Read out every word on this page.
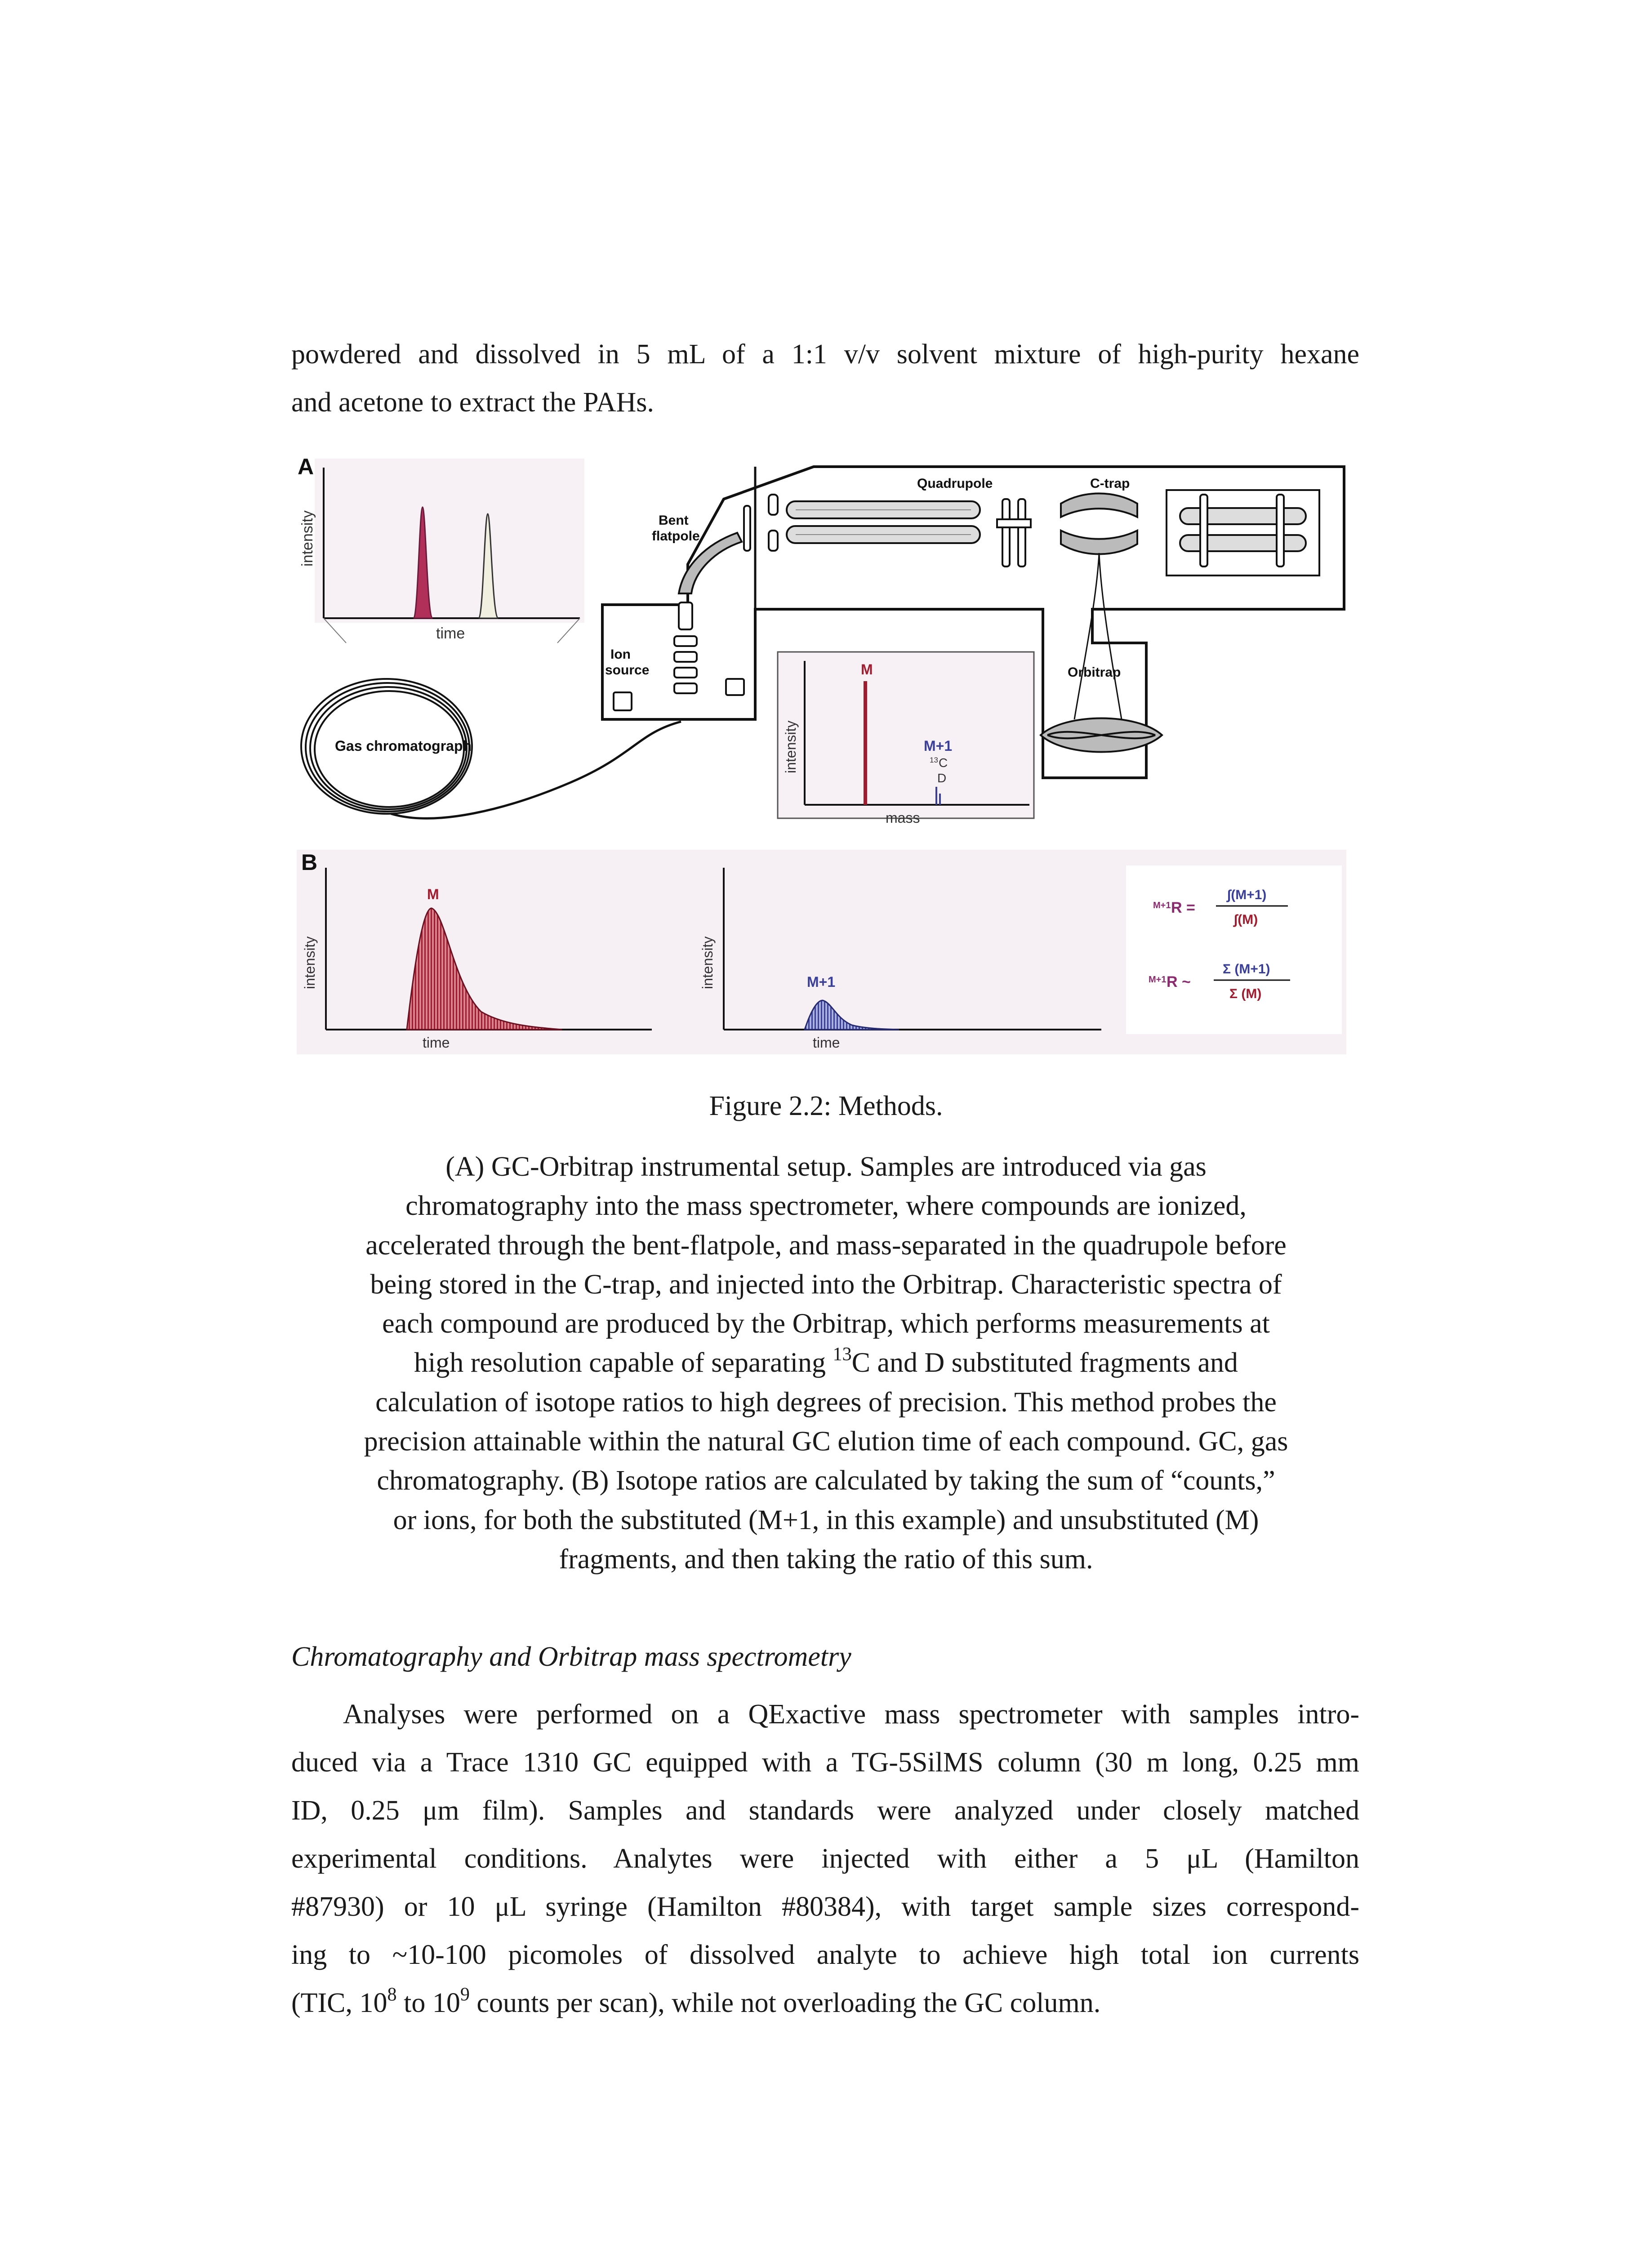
powdered and dissolved in 5 mL of a 1:1 v/v solvent mixture of high-purity hexane
and acetone to extract the PAHs.

A
intensity
time
Gas chromatograph
Ion
source
Bent
flatpole
Quadrupole	C-trap
Orbitrap
intensity
mass
M
M+1
13 C
D
B
intensity
time
M
intensity
time
M+1
M+1 R =
∫(M+1)
∫(M)
M+1 R ~
Σ (M+1)
Σ (M)
Figure 2.2: Methods.
(A) GC-Orbitrap instrumental setup. Samples are introduced via gas
chromatography into the mass spectrometer, where compounds are ionized,
accelerated through the bent-flatpole, and mass-separated in the quadrupole before
being stored in the C-trap, and injected into the Orbitrap. Characteristic spectra of
each compound are produced by the Orbitrap, which performs measurements at
high resolution capable of separating $^{13}$C and D substituted fragments and
calculation of isotope ratios to high degrees of precision. This method probes the
precision attainable within the natural GC elution time of each compound. GC, gas
chromatography. (B) Isotope ratios are calculated by taking the sum of “counts,”
or ions, for both the substituted (M+1, in this example) and unsubstituted (M)
fragments, and then taking the ratio of this sum.
Chromatography and Orbitrap mass spectrometry

Analyses were performed on a QExactive mass spectrometer with samples intro-
duced via a Trace 1310 GC equipped with a TG-5SilMS column (30 m long, 0.25 mm
ID, 0.25 μm film). Samples and standards were analyzed under closely matched
experimental conditions. Analytes were injected with either a 5 μL (Hamilton
#87930) or 10 μL syringe (Hamilton #80384), with target sample sizes correspond-
ing to ~10-100 picomoles of dissolved analyte to achieve high total ion currents
(TIC, $10^8$ to $10^9$ counts per scan), while not overloading the GC column.
